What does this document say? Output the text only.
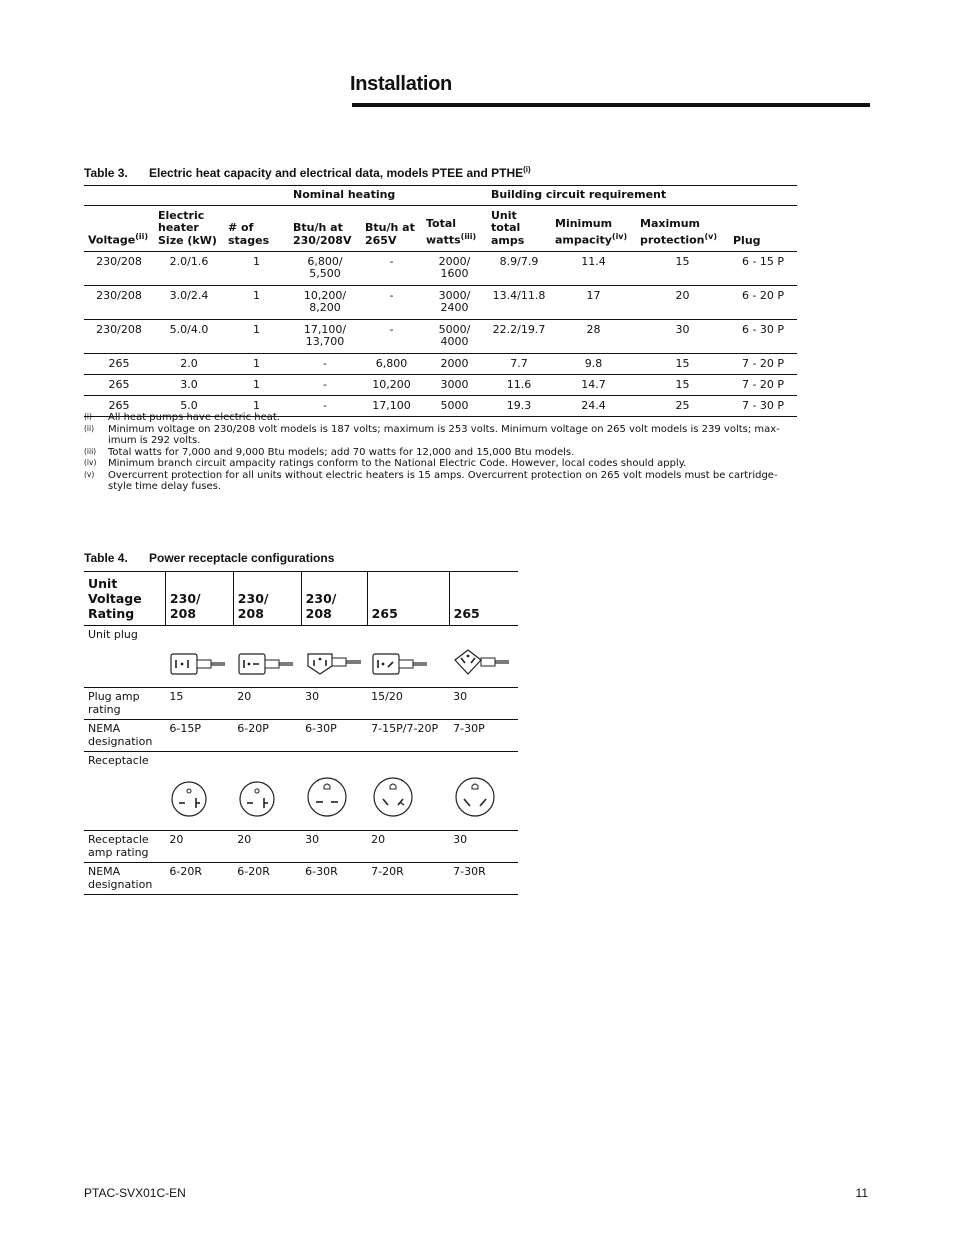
Installation
Table 3. Electric heat capacity and electrical data, models PTEE and PTHE$^{(i)}$
			Nominal heating			Building circuit requirement			
Voltage$^{(ii)}$	Electric heater Size (kW)	# of stages	Btu/h at 230/208V	Btu/h at 265V	Total watts$^{(iii)}$	Unit total amps	Minimum ampacity$^{(iv)}$	Maximum protection$^{(v)}$	Plug
230/208	2.0/1.6	1	6,800/ 5,500	-	2000/ 1600	8.9/7.9	11.4	15	6 - 15 P
230/208	3.0/2.4	1	10,200/ 8,200	-	3000/ 2400	13.4/11.8	17	20	6 - 20 P
230/208	5.0/4.0	1	17,100/ 13,700	-	5000/ 4000	22.2/19.7	28	30	6 - 30 P
265	2.0	1	-	6,800	2000	7.7	9.8	15	7 - 20 P
265	3.0	1	-	10,200	3000	11.6	14.7	15	7 - 20 P
265	5.0	1	-	17,100	5000	19.3	24.4	25	7 - 30 P
(i)	All heat pumps have electric heat.
(ii)	Minimum voltage on 230/208 volt models is 187 volts; maximum is 253 volts. Minimum voltage on 265 volt models is 239 volts; max-imum is 292 volts.
(iii)	Total watts for 7,000 and 9,000 Btu models; add 70 watts for 12,000 and 15,000 Btu models.
(iv)	Minimum branch circuit ampacity ratings conform to the National Electric Code. However, local codes should apply.
(v)	Overcurrent protection for all units without electric heaters is 15 amps. Overcurrent protection on 265 volt models must be cartridge-style time delay fuses.
Table 4. Power receptacle configurations
Unit Voltage Rating	230/ 208	230/ 208	230/ 208	265	265
Unit plug					
Plug amp rating	15	20	30	15/20	30
NEMA designation	6-15P	6-20P	6-30P	7-15P/7-20P	7-30P
Receptacle					
Receptacle amp rating	20	20	30	20	30
NEMA designation	6-20R	6-20R	6-30R	7-20R	7-30R
PTAC-SVX01C-EN	11
